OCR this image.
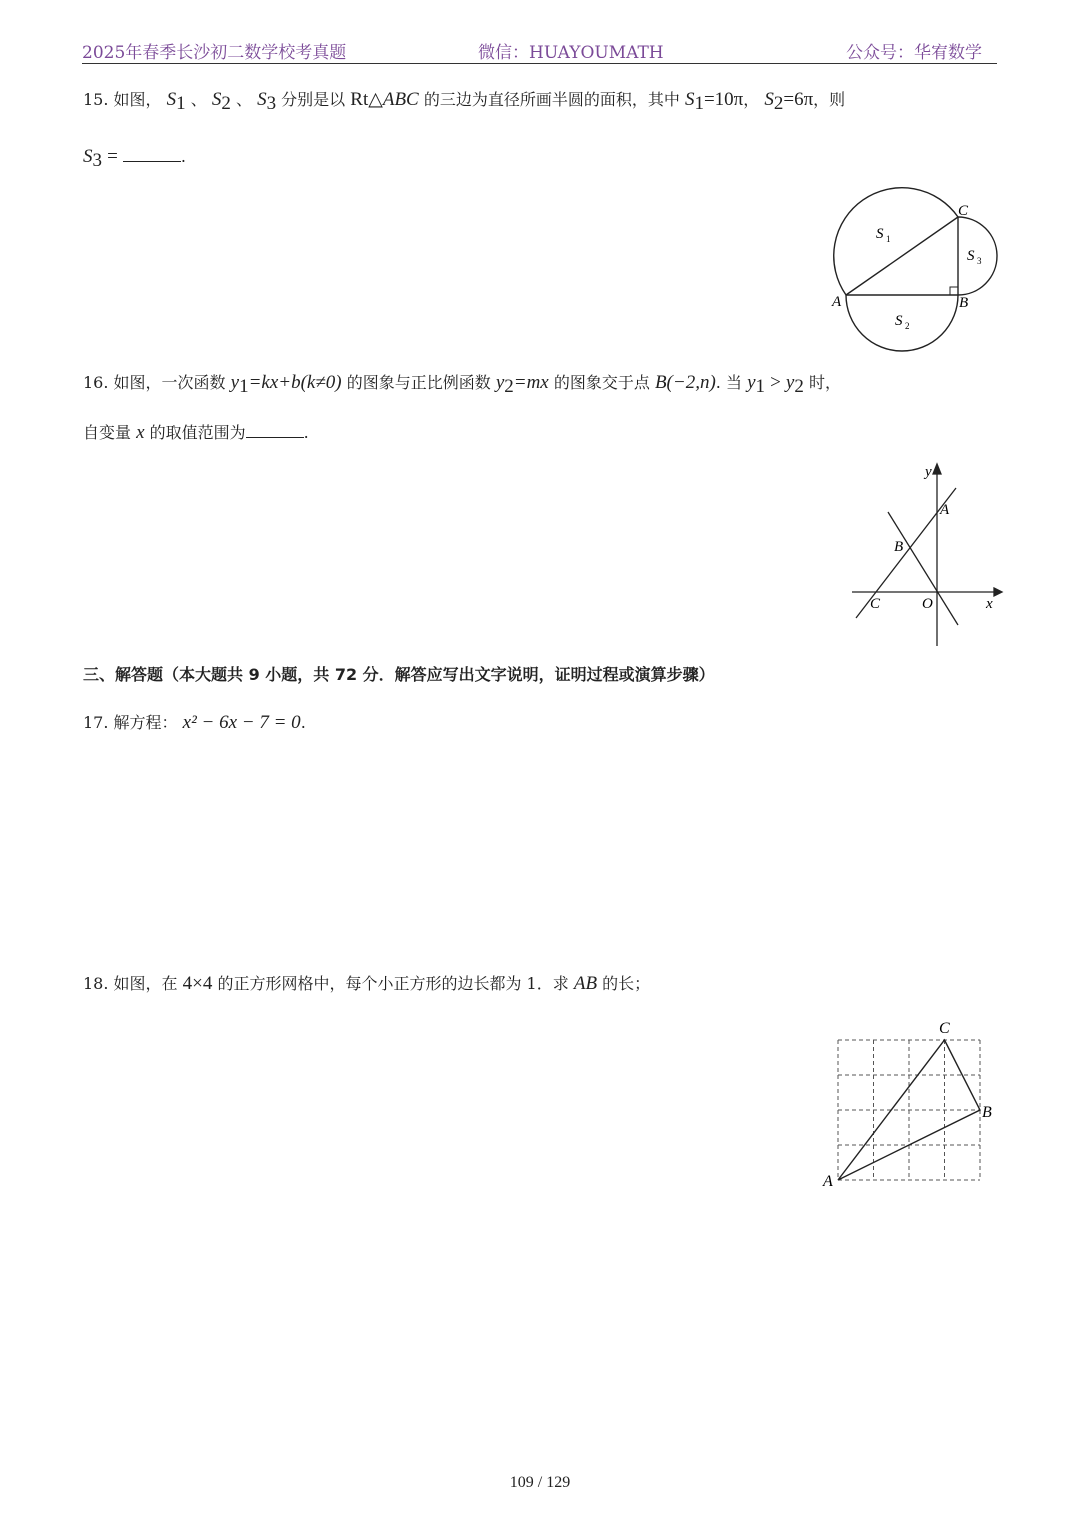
2025年春季长沙初二数学校考真题	微信：HUAYOUMATH	公众号：华宥数学
15. 如图， $S_1$ 、 $S_2$ 、 $S_3$ 分别是以 Rt△ABC 的三边为直径所画半圆的面积，其中 $S_1=10\pi$， $S_2=6\pi$，则
$S_3$ =	.
S 1
S 3
S 2
A	B
C
16. 如图，一次函数 $y_1=kx+b(k\ne 0)$ 的图象与正比例函数 $y_2=mx$ 的图象交于点 B(−2,n). 当 $y_1 > y_2$ 时，
自变量 x 的取值范围为	.
y
x
A
B
C	O
三、解答题（本大题共 9 小题，共 72 分．解答应写出文字说明，证明过程或演算步骤）
17. 解方程： x² − 6x − 7 = 0.
18. 如图，在 4×4 的正方形网格中，每个小正方形的边长都为 1．求 AB 的长；
C
B
A
109 / 129
